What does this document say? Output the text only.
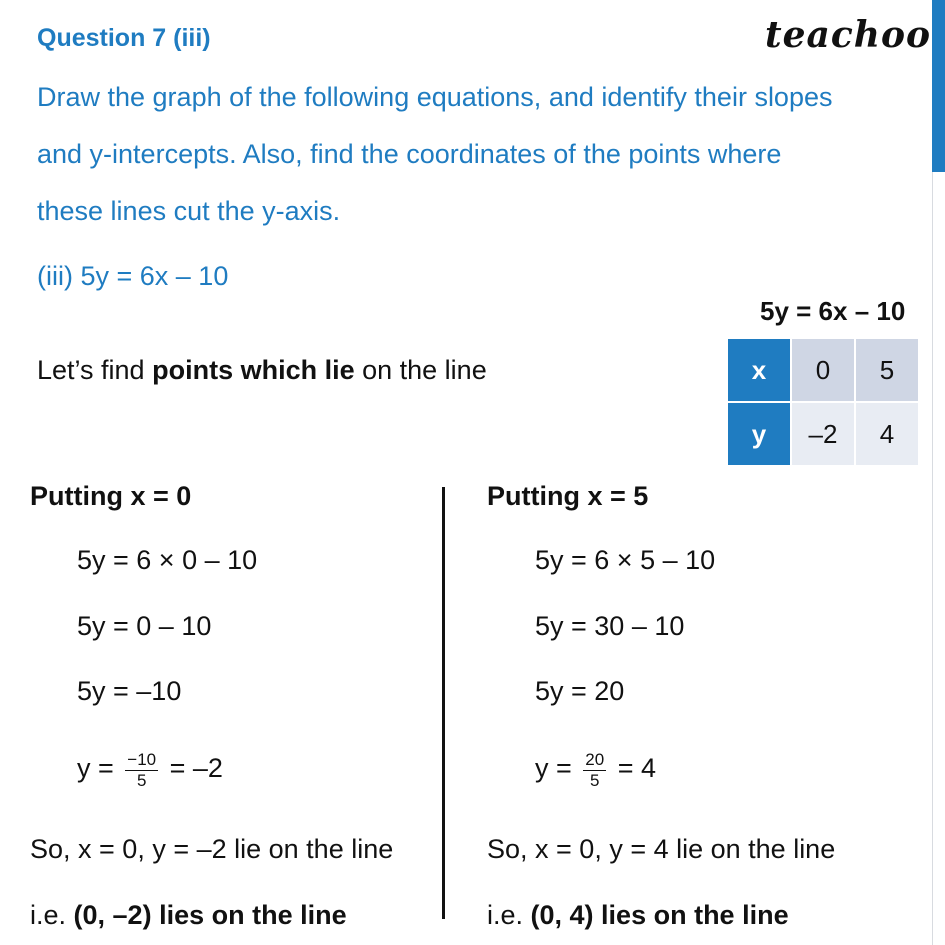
Question 7 (iii)	teachoo
Draw the graph of the following equations, and identify their slopes
and y-intercepts. Also, find the coordinates of the points where
these lines cut the y-axis.
(iii) 5y = 6x – 10
Let’s find points which lie on the line
5y = 6x – 10
x	0	5
y	–2	4
Putting x = 0
5y = 6 × 0 – 10
5y = 0 – 10
5y = –10
$y = \frac{-10}{5} = -2$
So, x = 0, y = –2 lie on the line
i.e. (0, –2) lies on the line
Putting x = 5
5y = 6 × 5 – 10
5y = 30 – 10
5y = 20
$y = \frac{20}{5} = 4$
So, x = 0, y = 4 lie on the line
i.e. (0, 4) lies on the line
